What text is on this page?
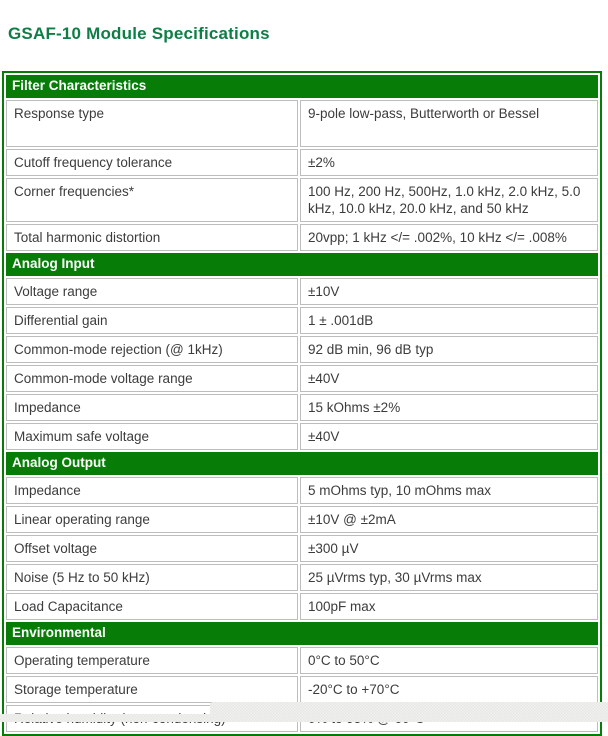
GSAF-10 Module Specifications
Filter Characteristics	
Response type	9-pole low-pass, Butterworth or Bessel
Cutoff frequency tolerance	±2%
Corner frequencies*	100 Hz, 200 Hz, 500Hz, 1.0 kHz, 2.0 kHz, 5.0 kHz, 10.0 kHz, 20.0 kHz, and 50 kHz
Total harmonic distortion	20vpp; 1 kHz </= .002%, 10 kHz </= .008%
Analog Input	
Voltage range	±10V
Differential gain	1 ± .001dB
Common-mode rejection (@ 1kHz)	92 dB min, 96 dB typ
Common-mode voltage range	±40V
Impedance	15 kOhms ±2%
Maximum safe voltage	±40V
Analog Output	
Impedance	5 mOhms typ, 10 mOhms max
Linear operating range	±10V @ ±2mA
Offset voltage	±300 µV
Noise (5 Hz to 50 kHz)	25 µVrms typ, 30 µVrms max
Load Capacitance	100pF max
Environmental	
Operating temperature	0°C to 50°C
Storage temperature	-20°C to +70°C
